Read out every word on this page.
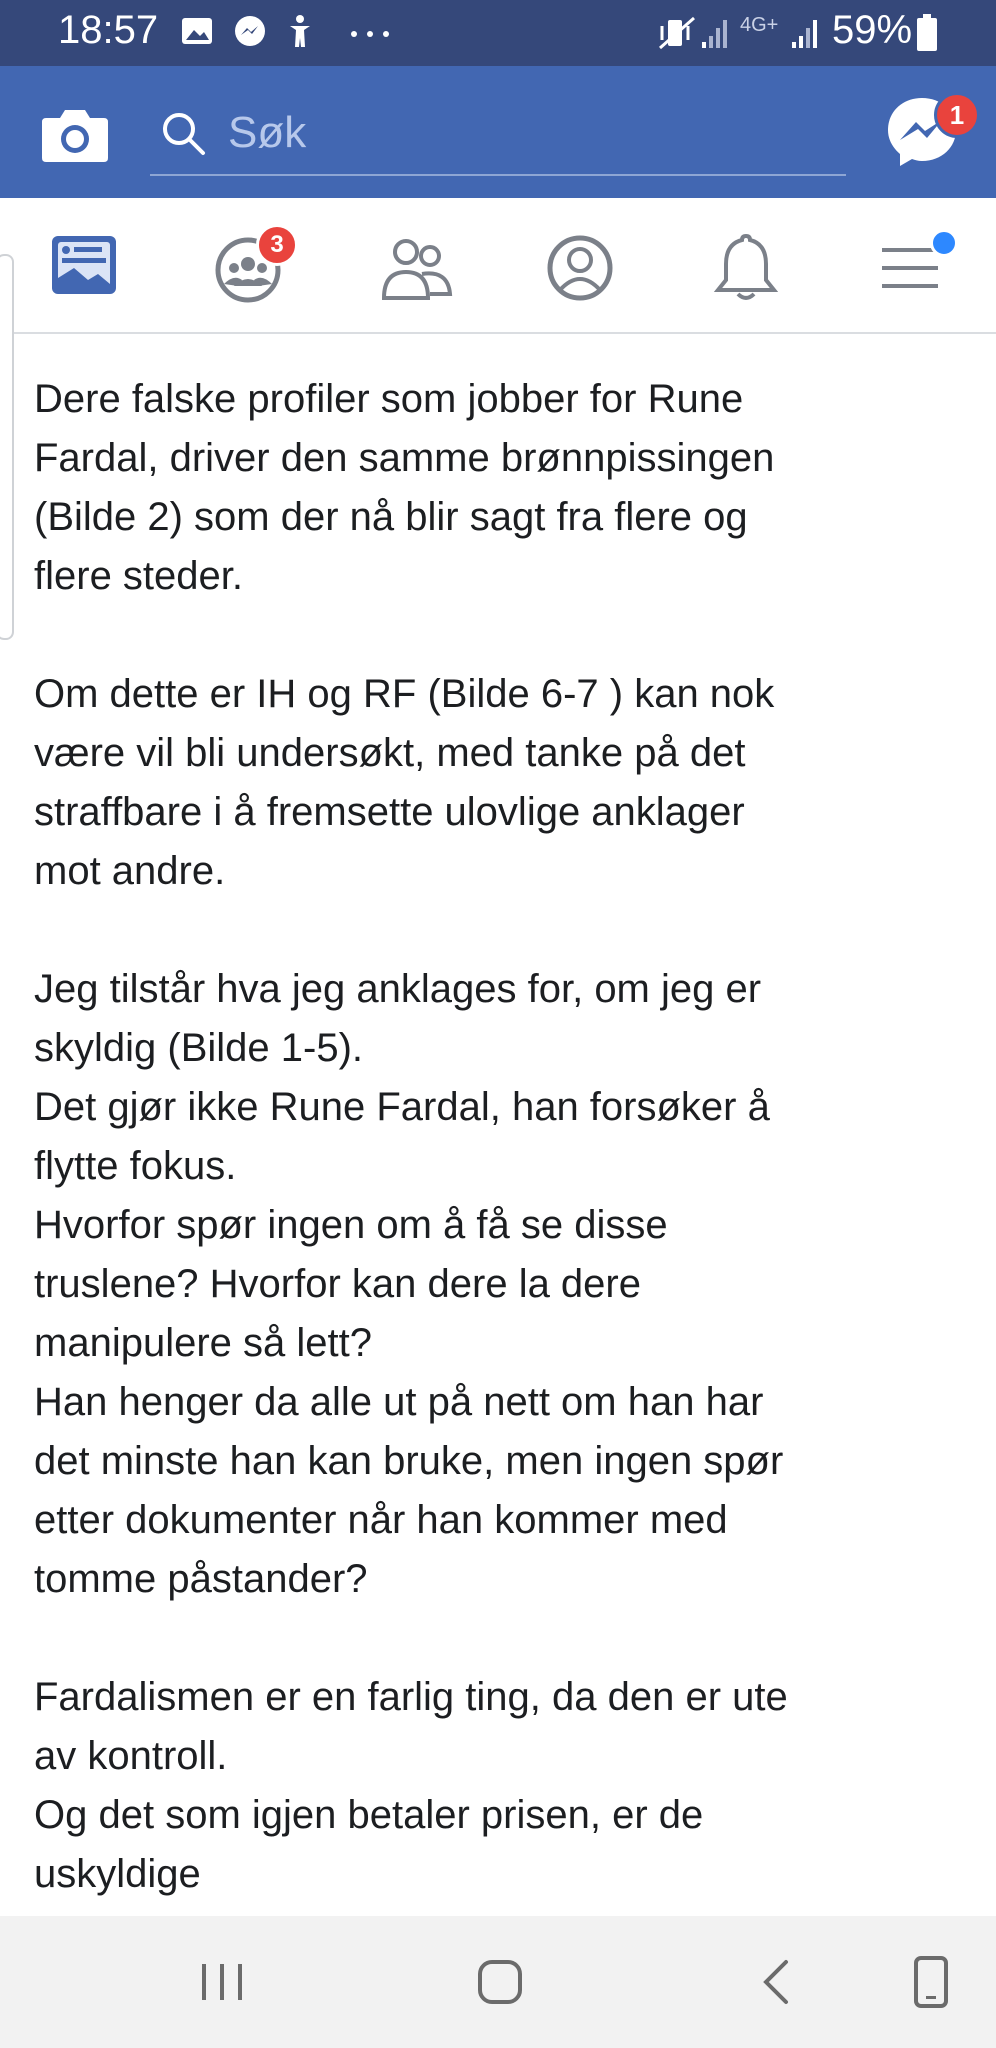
18:57	4G+ 59%
Søk
1
3

Dere falske profiler som jobber for Rune
Fardal, driver den samme brønnpissingen
(Bilde 2) som der nå blir sagt fra flere og
flere steder.

Om dette er IH og RF (Bilde 6-7 ) kan nok
være vil bli undersøkt, med tanke på det
straffbare i å fremsette ulovlige anklager
mot andre.

Jeg tilstår hva jeg anklages for, om jeg er
skyldig (Bilde 1-5).
Det gjør ikke Rune Fardal, han forsøker å
flytte fokus.
Hvorfor spør ingen om å få se disse
truslene? Hvorfor kan dere la dere
manipulere så lett?
Han henger da alle ut på nett om han har
det minste han kan bruke, men ingen spør
etter dokumenter når han kommer med
tomme påstander?

Fardalismen er en farlig ting, da den er ute
av kontroll.
Og det som igjen betaler prisen, er de
uskyldige
